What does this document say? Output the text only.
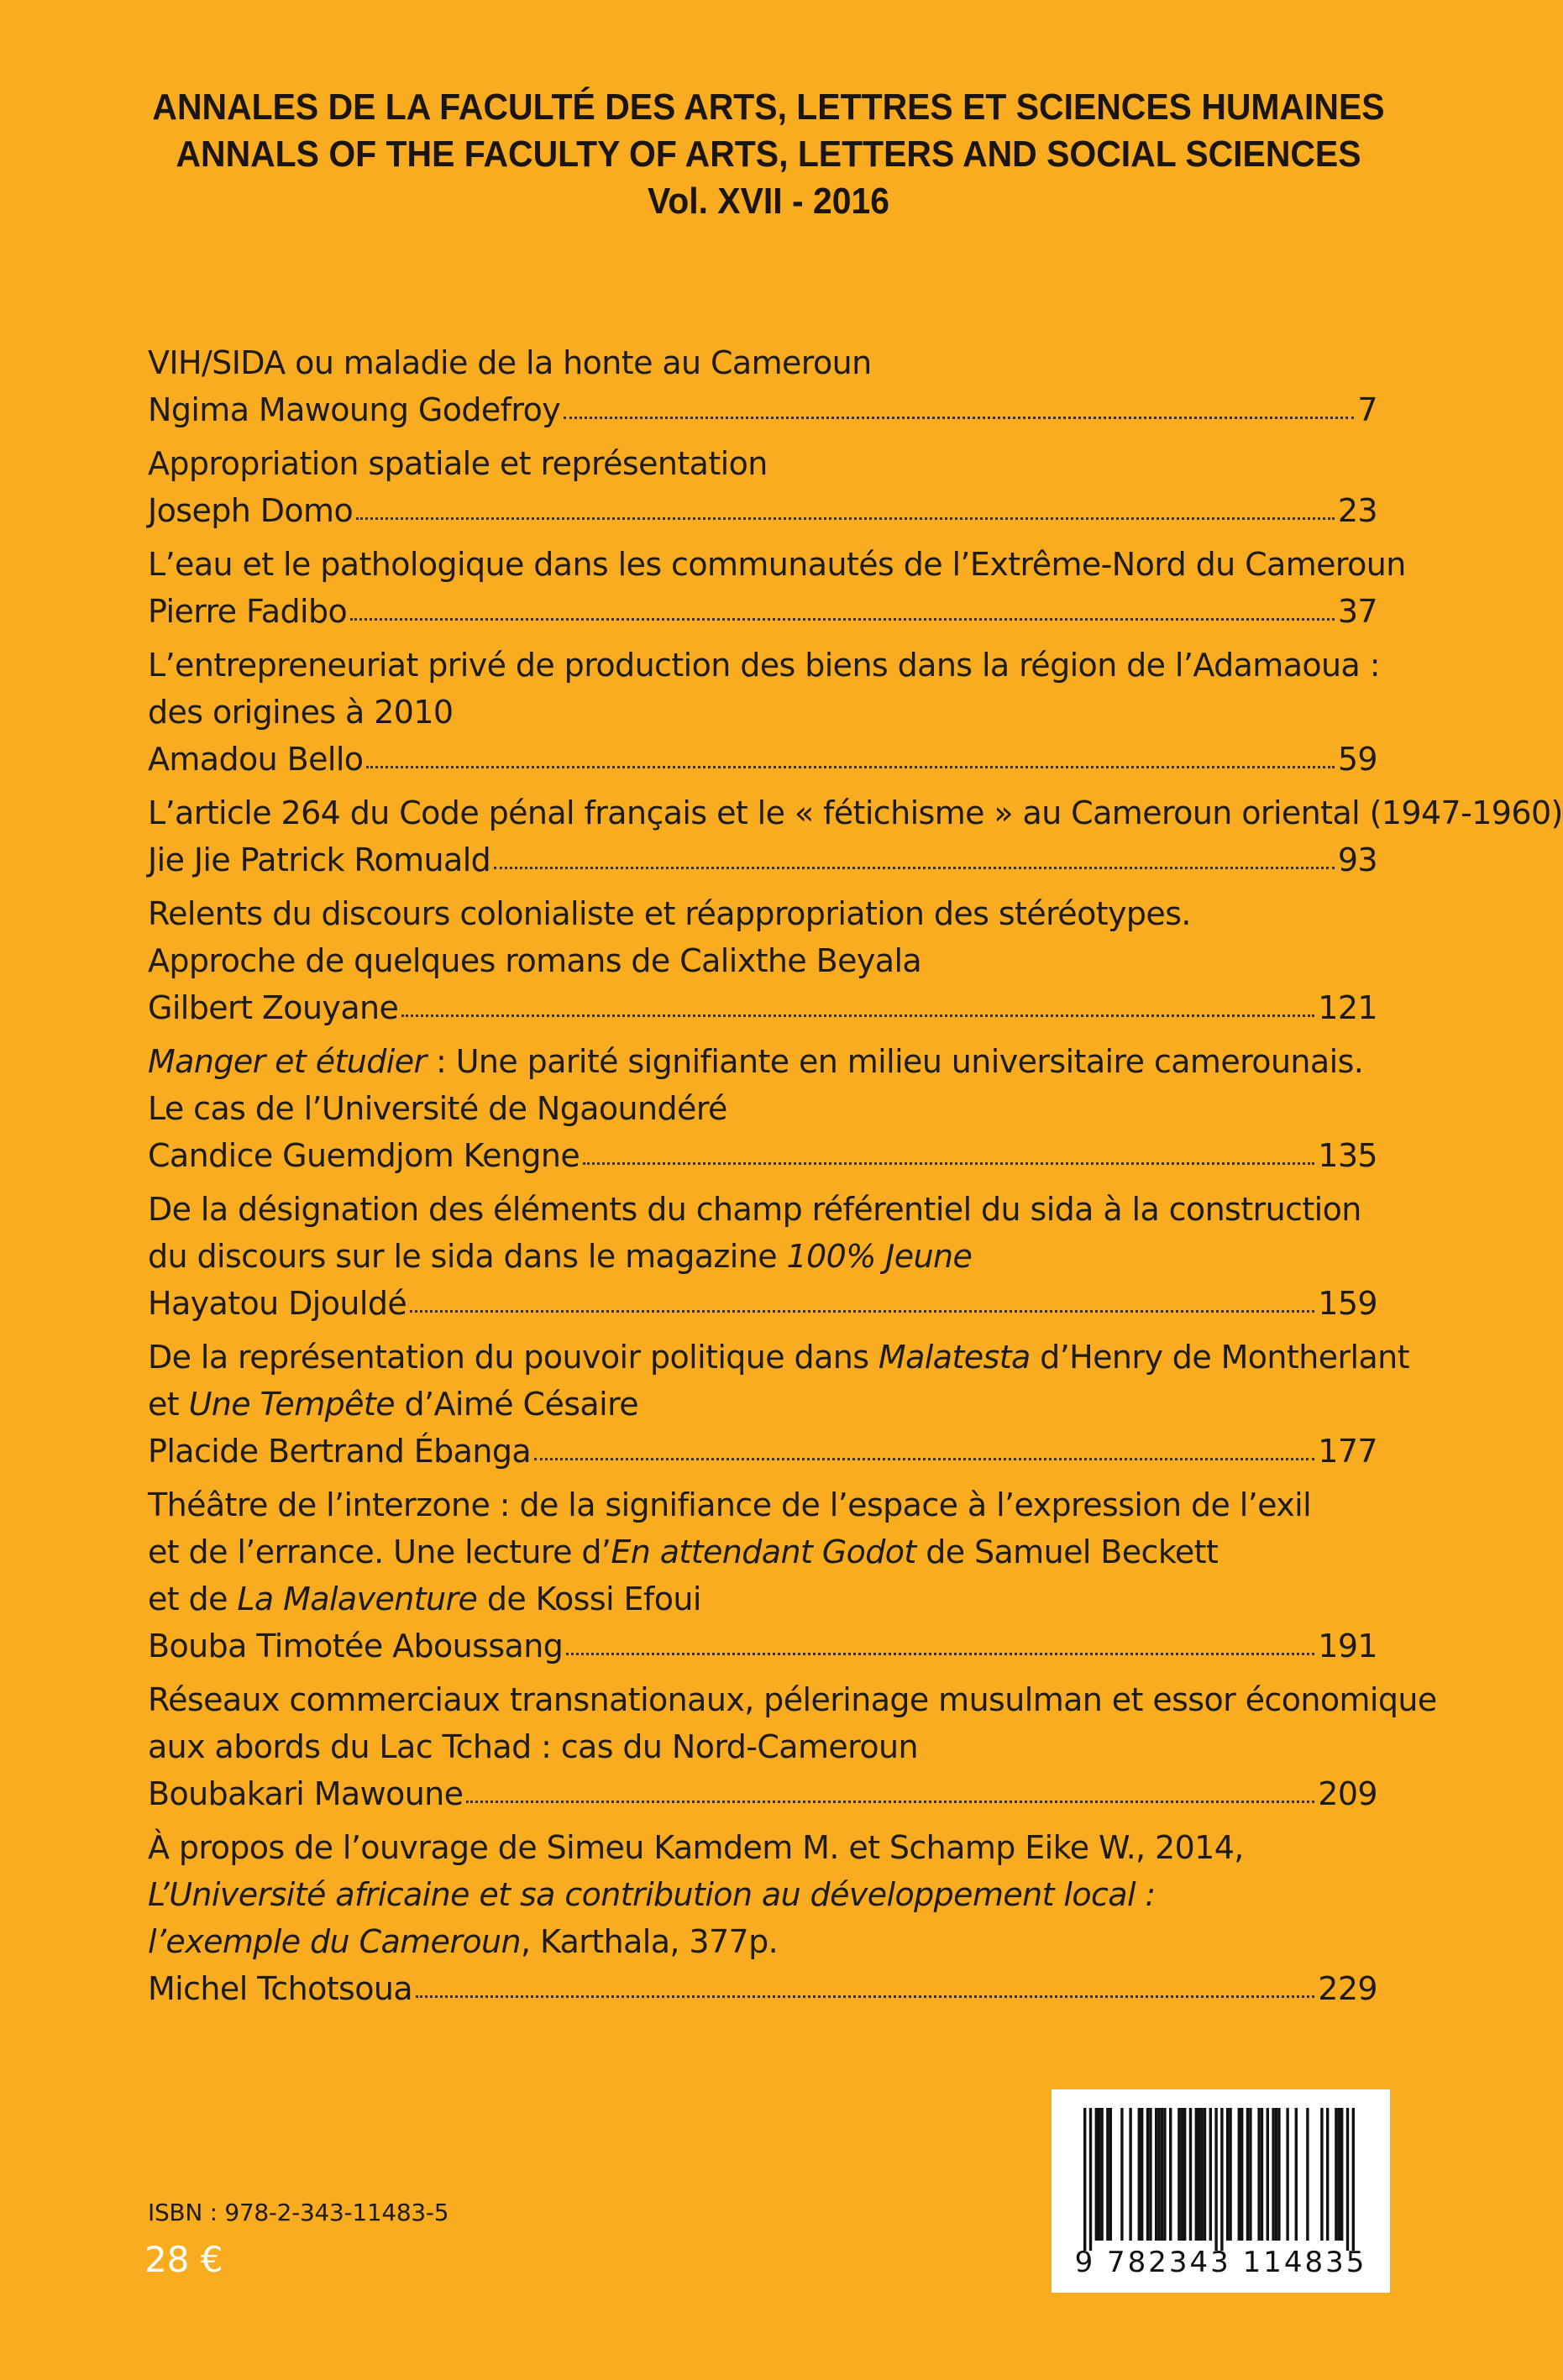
ANNALES DE LA FACULTÉ DES ARTS, LETTRES ET SCIENCES HUMAINES
ANNALS OF THE FACULTY OF ARTS, LETTERS AND SOCIAL SCIENCES
Vol. XVII - 2016
VIH/SIDA ou maladie de la honte au Cameroun
Ngima Mawoung Godefroy	7
Appropriation spatiale et représentation
Joseph Domo	23
L’eau et le pathologique dans les communautés de l’Extrême-Nord du Cameroun
Pierre Fadibo	37
L’entrepreneuriat privé de production des biens dans la région de l’Adamaoua :
des origines à 2010
Amadou Bello	59
L’article 264 du Code pénal français et le « fétichisme » au Cameroun oriental (1947-1960)
Jie Jie Patrick Romuald	93
Relents du discours colonialiste et réappropriation des stéréotypes.
Approche de quelques romans de Calixthe Beyala
Gilbert Zouyane	121
Manger et étudier : Une parité signifiante en milieu universitaire camerounais.
Le cas de l’Université de Ngaoundéré
Candice Guemdjom Kengne	135
De la désignation des éléments du champ référentiel du sida à la construction
du discours sur le sida dans le magazine 100% Jeune
Hayatou Djouldé	159
De la représentation du pouvoir politique dans Malatesta d’Henry de Montherlant
et Une Tempête d’Aimé Césaire
Placide Bertrand Ébanga	177
Théâtre de l’interzone : de la signifiance de l’espace à l’expression de l’exil
et de l’errance. Une lecture d’En attendant Godot de Samuel Beckett
et de La Malaventure de Kossi Efoui
Bouba Timotée Aboussang	191
Réseaux commerciaux transnationaux, pélerinage musulman et essor économique
aux abords du Lac Tchad : cas du Nord-Cameroun
Boubakari Mawoune	209
À propos de l’ouvrage de Simeu Kamdem M. et Schamp Eike W., 2014,
L’Université africaine et sa contribution au développement local :
l’exemple du Cameroun, Karthala, 377p.
Michel Tchotsoua	229
ISBN : 978-2-343-11483-5
28 €	9 782343 114835
